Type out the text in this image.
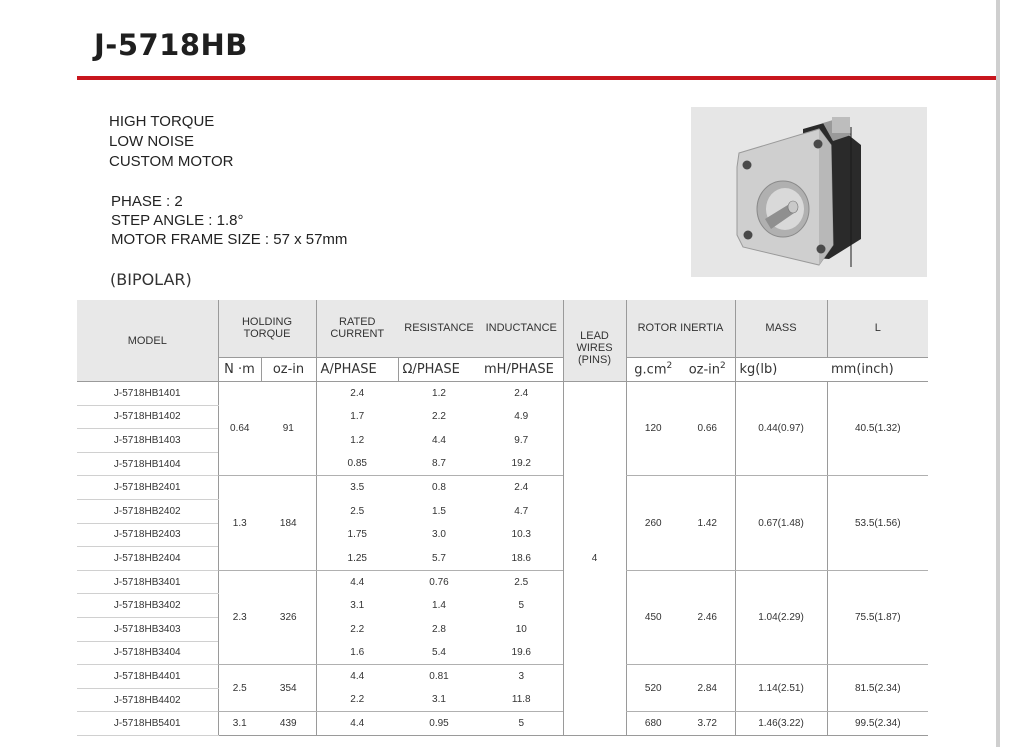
J-5718HB
HIGH TORQUE
LOW NOISE
CUSTOM MOTOR
PHASE : 2
STEP ANGLE : 1.8°
MOTOR FRAME SIZE : 57 x 57mm
(BIPOLAR)
MODEL	HOLDING TORQUE		RATED CURRENT	RESISTANCE	INDUCTANCE	LEAD WIRES
(PINS)	ROTOR INERTIA		MASS	L
	N ·m	oz-in	A/PHASE	Ω/PHASE	mH/PHASE		$g.cm^2$	$oz-in^2$	kg(lb)	mm(inch)
J-5718HB1401	0.64	91	2.4	1.2	2.4	4	120	0.66	0.44(0.97)	40.5(1.32)
J-5718HB1402			1.7	2.2	4.9					
J-5718HB1403			1.2	4.4	9.7					
J-5718HB1404			0.85	8.7	19.2					
J-5718HB2401	1.3	184	3.5	0.8	2.4		260	1.42	0.67(1.48)	53.5(1.56)
J-5718HB2402			2.5	1.5	4.7					
J-5718HB2403			1.75	3.0	10.3					
J-5718HB2404			1.25	5.7	18.6					
J-5718HB3401	2.3	326	4.4	0.76	2.5		450	2.46	1.04(2.29)	75.5(1.87)
J-5718HB3402			3.1	1.4	5					
J-5718HB3403			2.2	2.8	10					
J-5718HB3404			1.6	5.4	19.6					
J-5718HB4401	2.5	354	4.4	0.81	3		520	2.84	1.14(2.51)	81.5(2.34)
J-5718HB4402			2.2	3.1	11.8					
J-5718HB5401	3.1	439	4.4	0.95	5		680	3.72	1.46(3.22)	99.5(2.34)
